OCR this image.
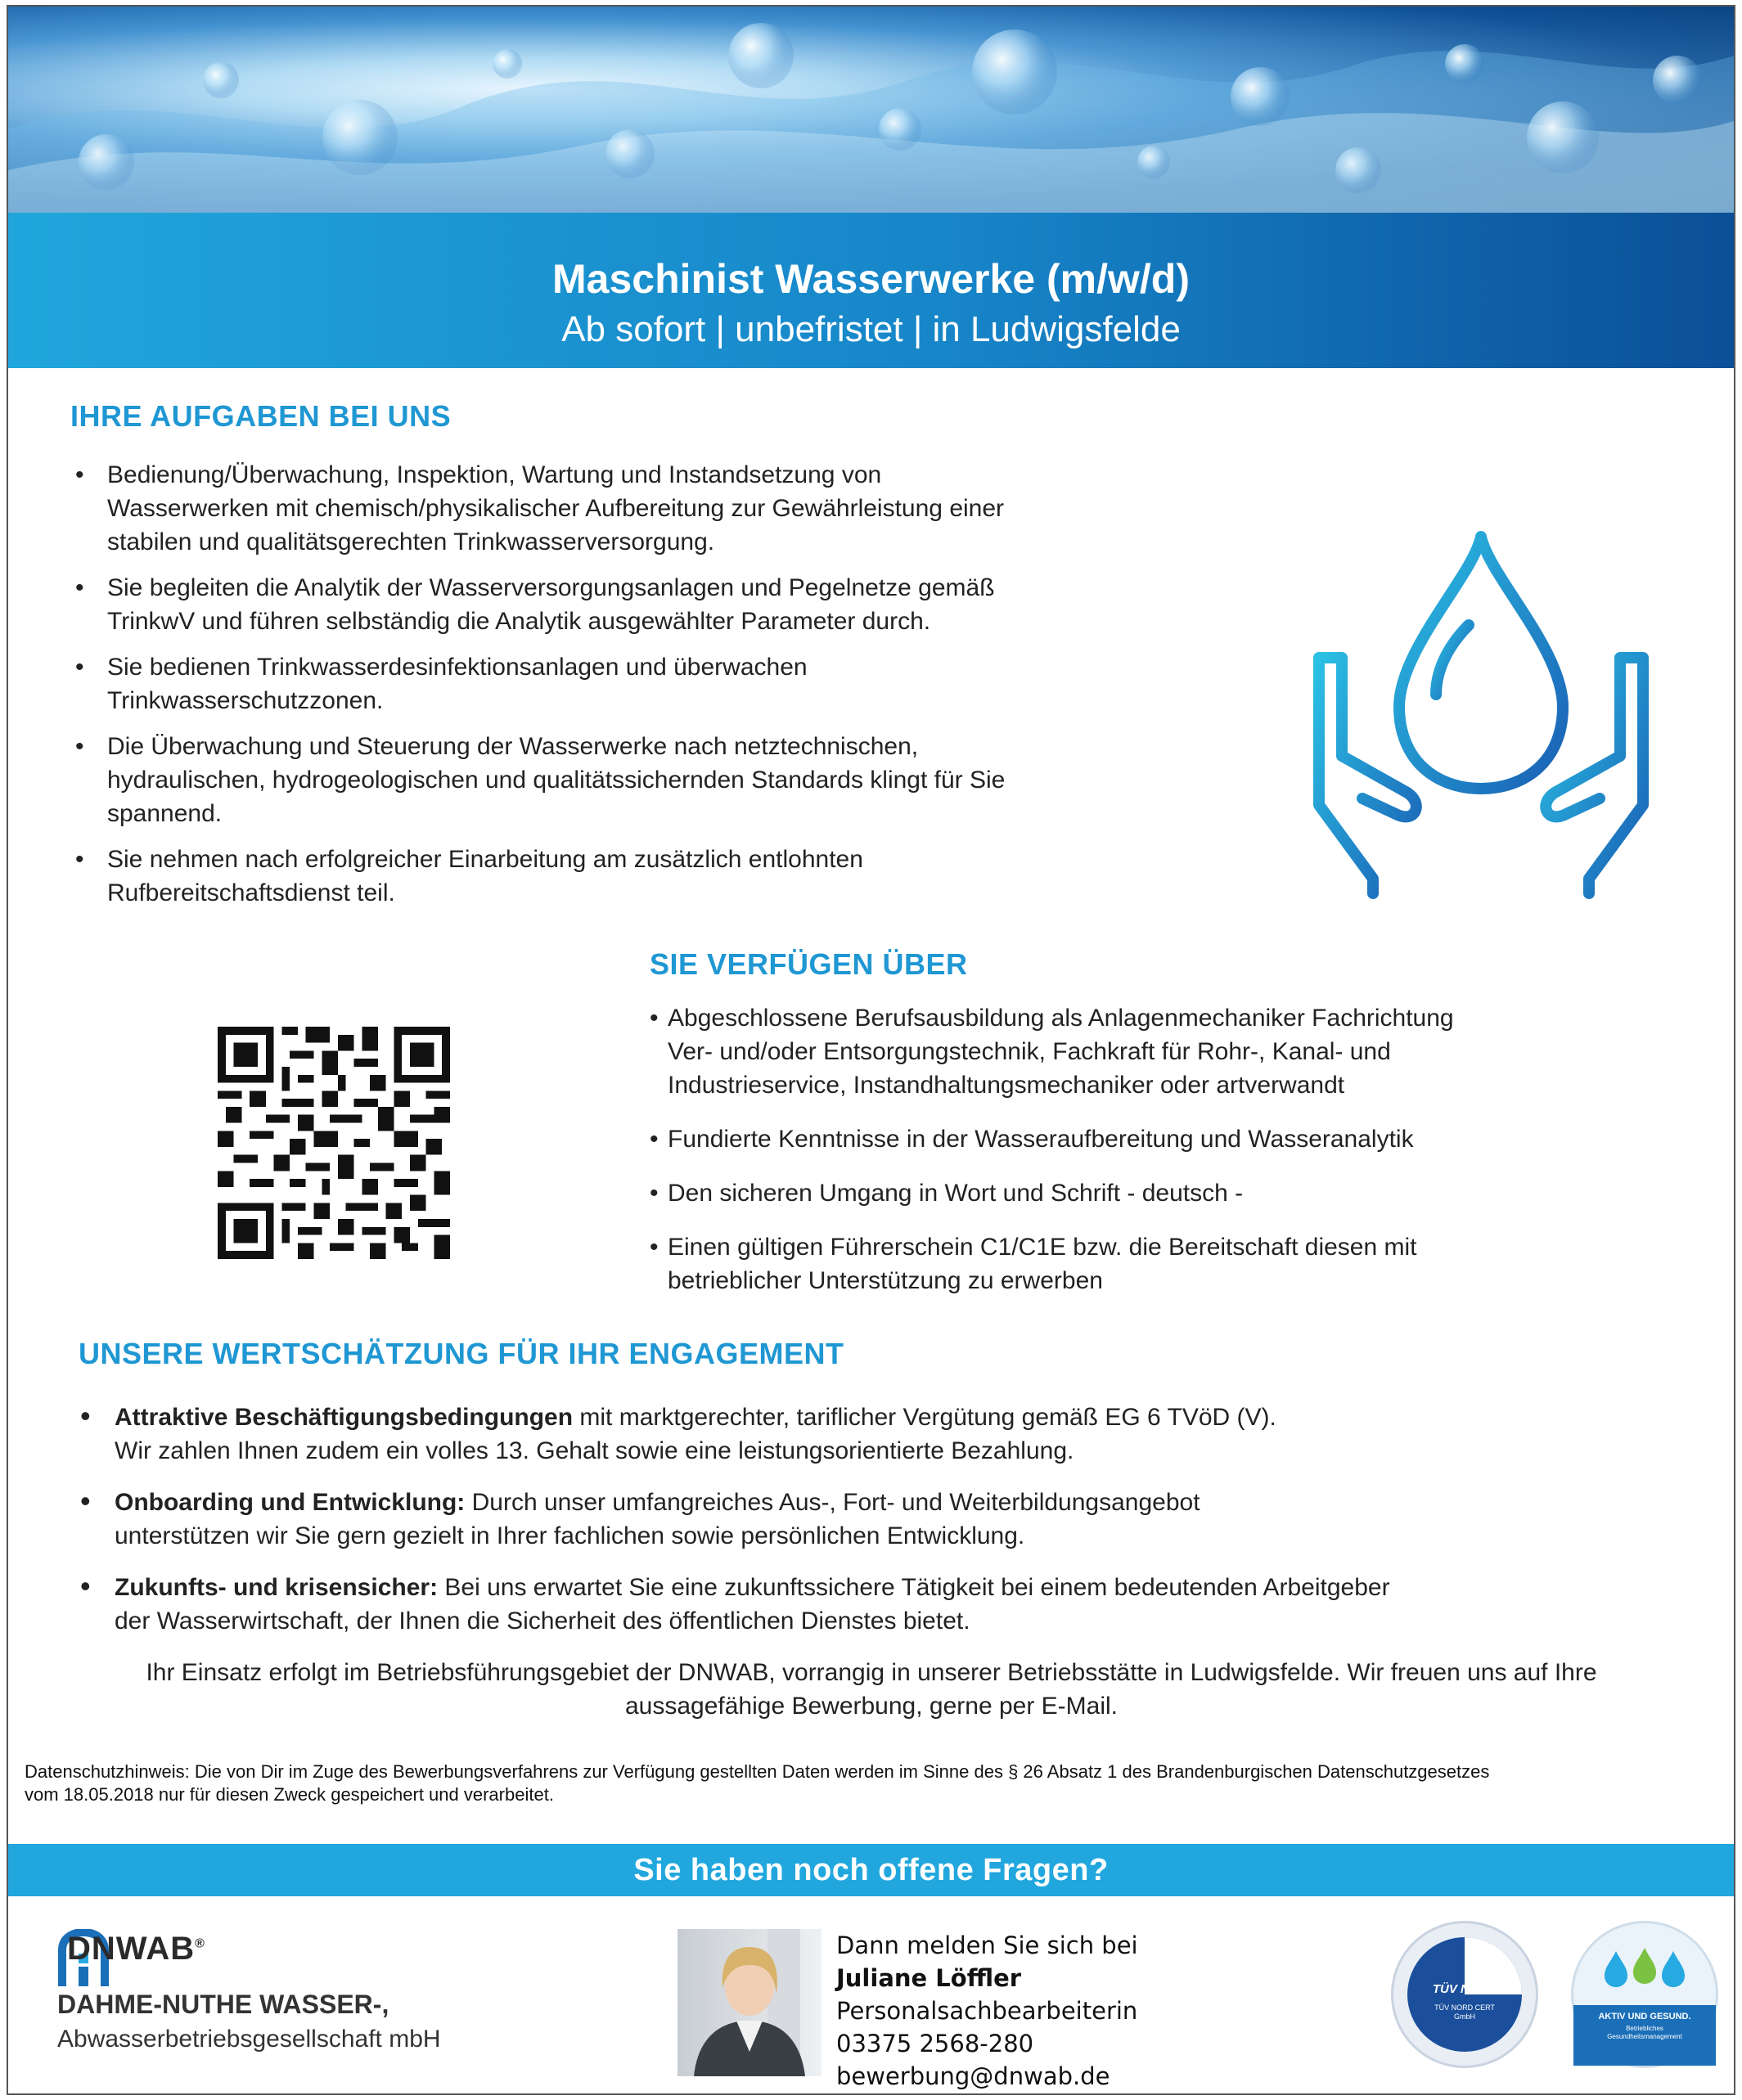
Maschinist Wasserwerke (m/w/d)
Ab sofort | unbefristet | in Ludwigsfelde
IHRE AUFGABEN BEI UNS
• Bedienung/Überwachung, Inspektion, Wartung und Instandsetzung von
Wasserwerken mit chemisch/physikalischer Aufbereitung zur Gewährleistung einer
stabilen und qualitätsgerechten Trinkwasserversorgung.
• Sie begleiten die Analytik der Wasserversorgungsanlagen und Pegelnetze gemäß
TrinkwV und führen selbständig die Analytik ausgewählter Parameter durch.
• Sie bedienen Trinkwasserdesinfektionsanlagen und überwachen
Trinkwasserschutzzonen.
• Die Überwachung und Steuerung der Wasserwerke nach netztechnischen,
hydraulischen, hydrogeologischen und qualitätssichernden Standards klingt für Sie
spannend.
• Sie nehmen nach erfolgreicher Einarbeitung am zusätzlich entlohnten
Rufbereitschaftsdienst teil.
SIE VERFÜGEN ÜBER
• Abgeschlossene Berufsausbildung als Anlagenmechaniker Fachrichtung
Ver- und/oder Entsorgungstechnik, Fachkraft für Rohr-, Kanal- und
Industrieservice, Instandhaltungsmechaniker oder artverwandt
• Fundierte Kenntnisse in der Wasseraufbereitung und Wasseranalytik
• Den sicheren Umgang in Wort und Schrift - deutsch -
• Einen gültigen Führerschein C1/C1E bzw. die Bereitschaft diesen mit
betrieblicher Unterstützung zu erwerben
UNSERE WERTSCHÄTZUNG FÜR IHR ENGAGEMENT
• Attraktive Beschäftigungsbedingungen mit marktgerechter, tariflicher Vergütung gemäß EG 6 TVöD (V).
Wir zahlen Ihnen zudem ein volles 13. Gehalt sowie eine leistungsorientierte Bezahlung.
• Onboarding und Entwicklung: Durch unser umfangreiches Aus-, Fort- und Weiterbildungsangebot
unterstützen wir Sie gern gezielt in Ihrer fachlichen sowie persönlichen Entwicklung.
• Zukunfts- und krisensicher: Bei uns erwartet Sie eine zukunftssichere Tätigkeit bei einem bedeutenden Arbeitgeber
der Wasserwirtschaft, der Ihnen die Sicherheit des öffentlichen Dienstes bietet.
Ihr Einsatz erfolgt im Betriebsführungsgebiet der DNWAB, vorrangig in unserer Betriebsstätte in Ludwigsfelde. Wir freuen uns auf Ihre
aussagefähige Bewerbung, gerne per E-Mail.
Datenschutzhinweis: Die von Dir im Zuge des Bewerbungsverfahrens zur Verfügung gestellten Daten werden im Sinne des § 26 Absatz 1 des Brandenburgischen Datenschutzgesetzes
vom 18.05.2018 nur für diesen Zweck gespeichert und verarbeitet.
Sie haben noch offene Fragen?
DNWAB®
DAHME-NUTHE WASSER-,
Abwasserbetriebsgesellschaft mbH
Dann melden Sie sich bei
Juliane Löffler
Personalsachbearbeiterin
03375 2568-280
bewerbung@dnwab.de
TÜV NORD
TÜV NORD CERT GmbH	AKTIV UND GESUND.
Betriebliches Gesundheitsmanagement
